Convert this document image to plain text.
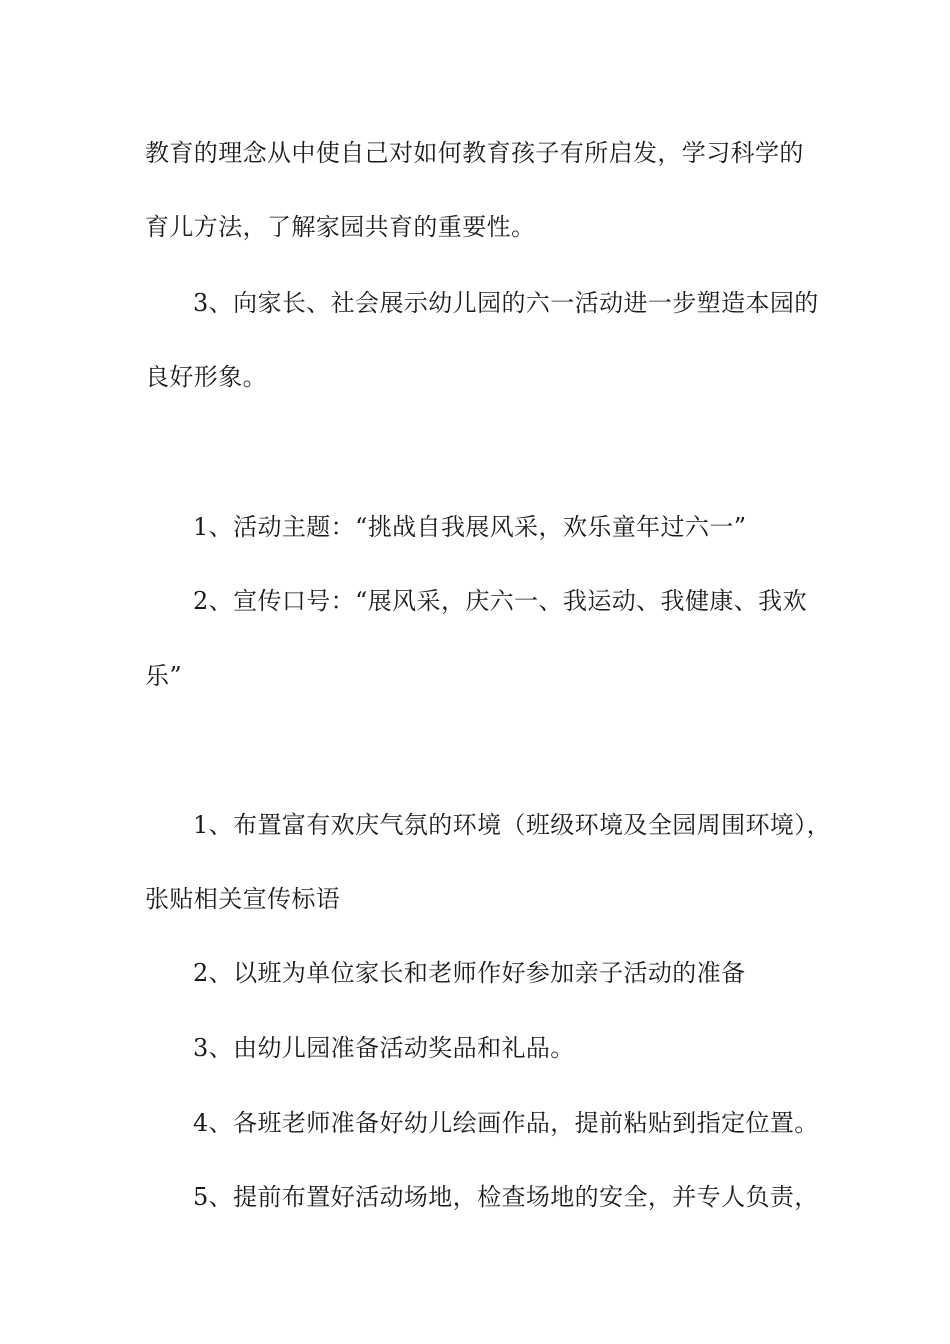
教育的理念从中使自己对如何教育孩子有所启发，学习科学的
育儿方法，了解家园共育的重要性。
3、向家长、社会展示幼儿园的六一活动进一步塑造本园的
良好形象。
1、活动主题：“挑战自我展风采，欢乐童年过六一”
2、宣传口号：“展风采，庆六一、我运动、我健康、我欢
乐”
1、布置富有欢庆气氛的环境（班级环境及全园周围环境），
张贴相关宣传标语
2、以班为单位家长和老师作好参加亲子活动的准备
3、由幼儿园准备活动奖品和礼品。
4、各班老师准备好幼儿绘画作品，提前粘贴到指定位置。
5、提前布置好活动场地，检查场地的安全，并专人负责，
